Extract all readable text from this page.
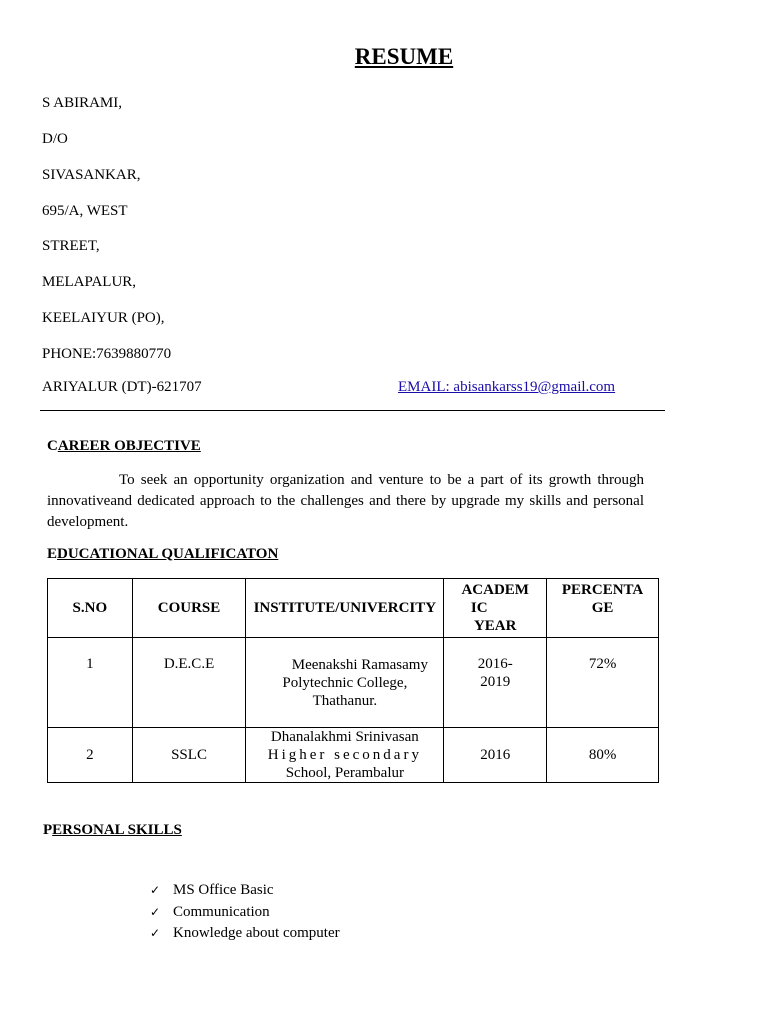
RESUME
S ABIRAMI,
D/O
SIVASANKAR,
695/A, WEST
STREET,
MELAPALUR,
KEELAIYUR (PO),
PHONE:7639880770
ARIYALUR (DT)-621707	EMAIL: abisankarss19@gmail.com
CAREER OBJECTIVE
To seek an opportunity organization and venture to be a part of its growth through innovativeand dedicated approach to the challenges and there by upgrade my skills and personal development.
EDUCATIONAL QUALIFICATON
S.NO	COURSE	INSTITUTE/UNIVERCITY	ACADEM
IC
YEAR	PERCENTA
GE
1	D.E.C.E	Meenakshi Ramasamy
Polytechnic College,
Thathanur.	2016-
2019	72%
2	SSLC	Dhanalakhmi Srinivasan
Higher secondary
School, Perambalur	2016	80%
PERSONAL SKILLS
✓ MS Office Basic
✓ Communication
✓ Knowledge about computer
